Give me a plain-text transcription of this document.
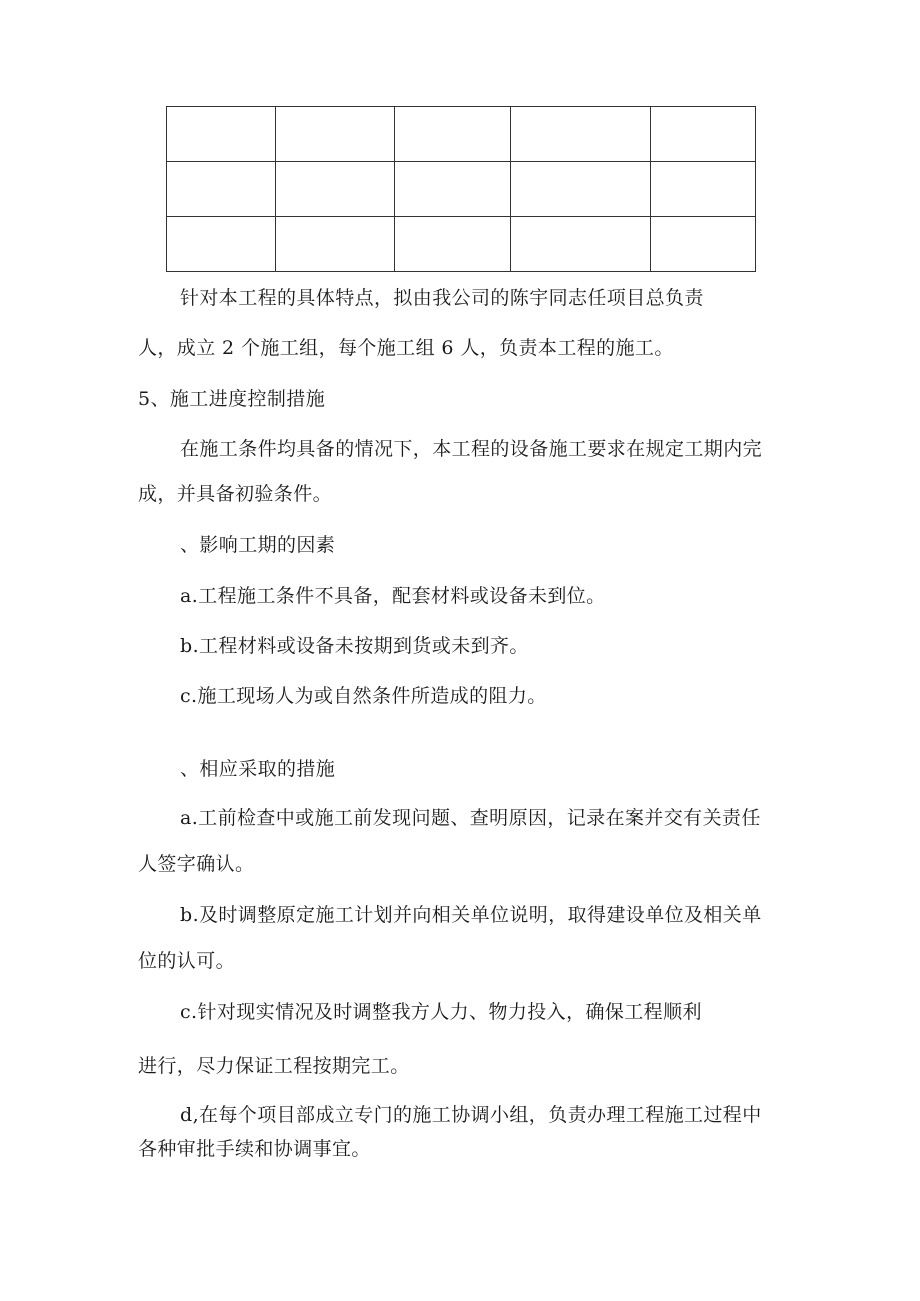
针对本工程的具体特点，拟由我公司的陈宇同志任项目总负责
人，成立 2 个施工组，每个施工组 6 人，负责本工程的施工。
5、施工进度控制措施
在施工条件均具备的情况下，本工程的设备施工要求在规定工期内完
成，并具备初验条件。
、影响工期的因素
a.工程施工条件不具备，配套材料或设备未到位。
b.工程材料或设备未按期到货或未到齐。
c.施工现场人为或自然条件所造成的阻力。
、相应采取的措施
a.工前检查中或施工前发现问题、查明原因，记录在案并交有关责任
人签字确认。
b.及时调整原定施工计划并向相关单位说明，取得建设单位及相关单
位的认可。
c.针对现实情况及时调整我方人力、物力投入，确保工程顺利
进行，尽力保证工程按期完工。
d,在每个项目部成立专门的施工协调小组，负责办理工程施工过程中
各种审批手续和协调事宜。
